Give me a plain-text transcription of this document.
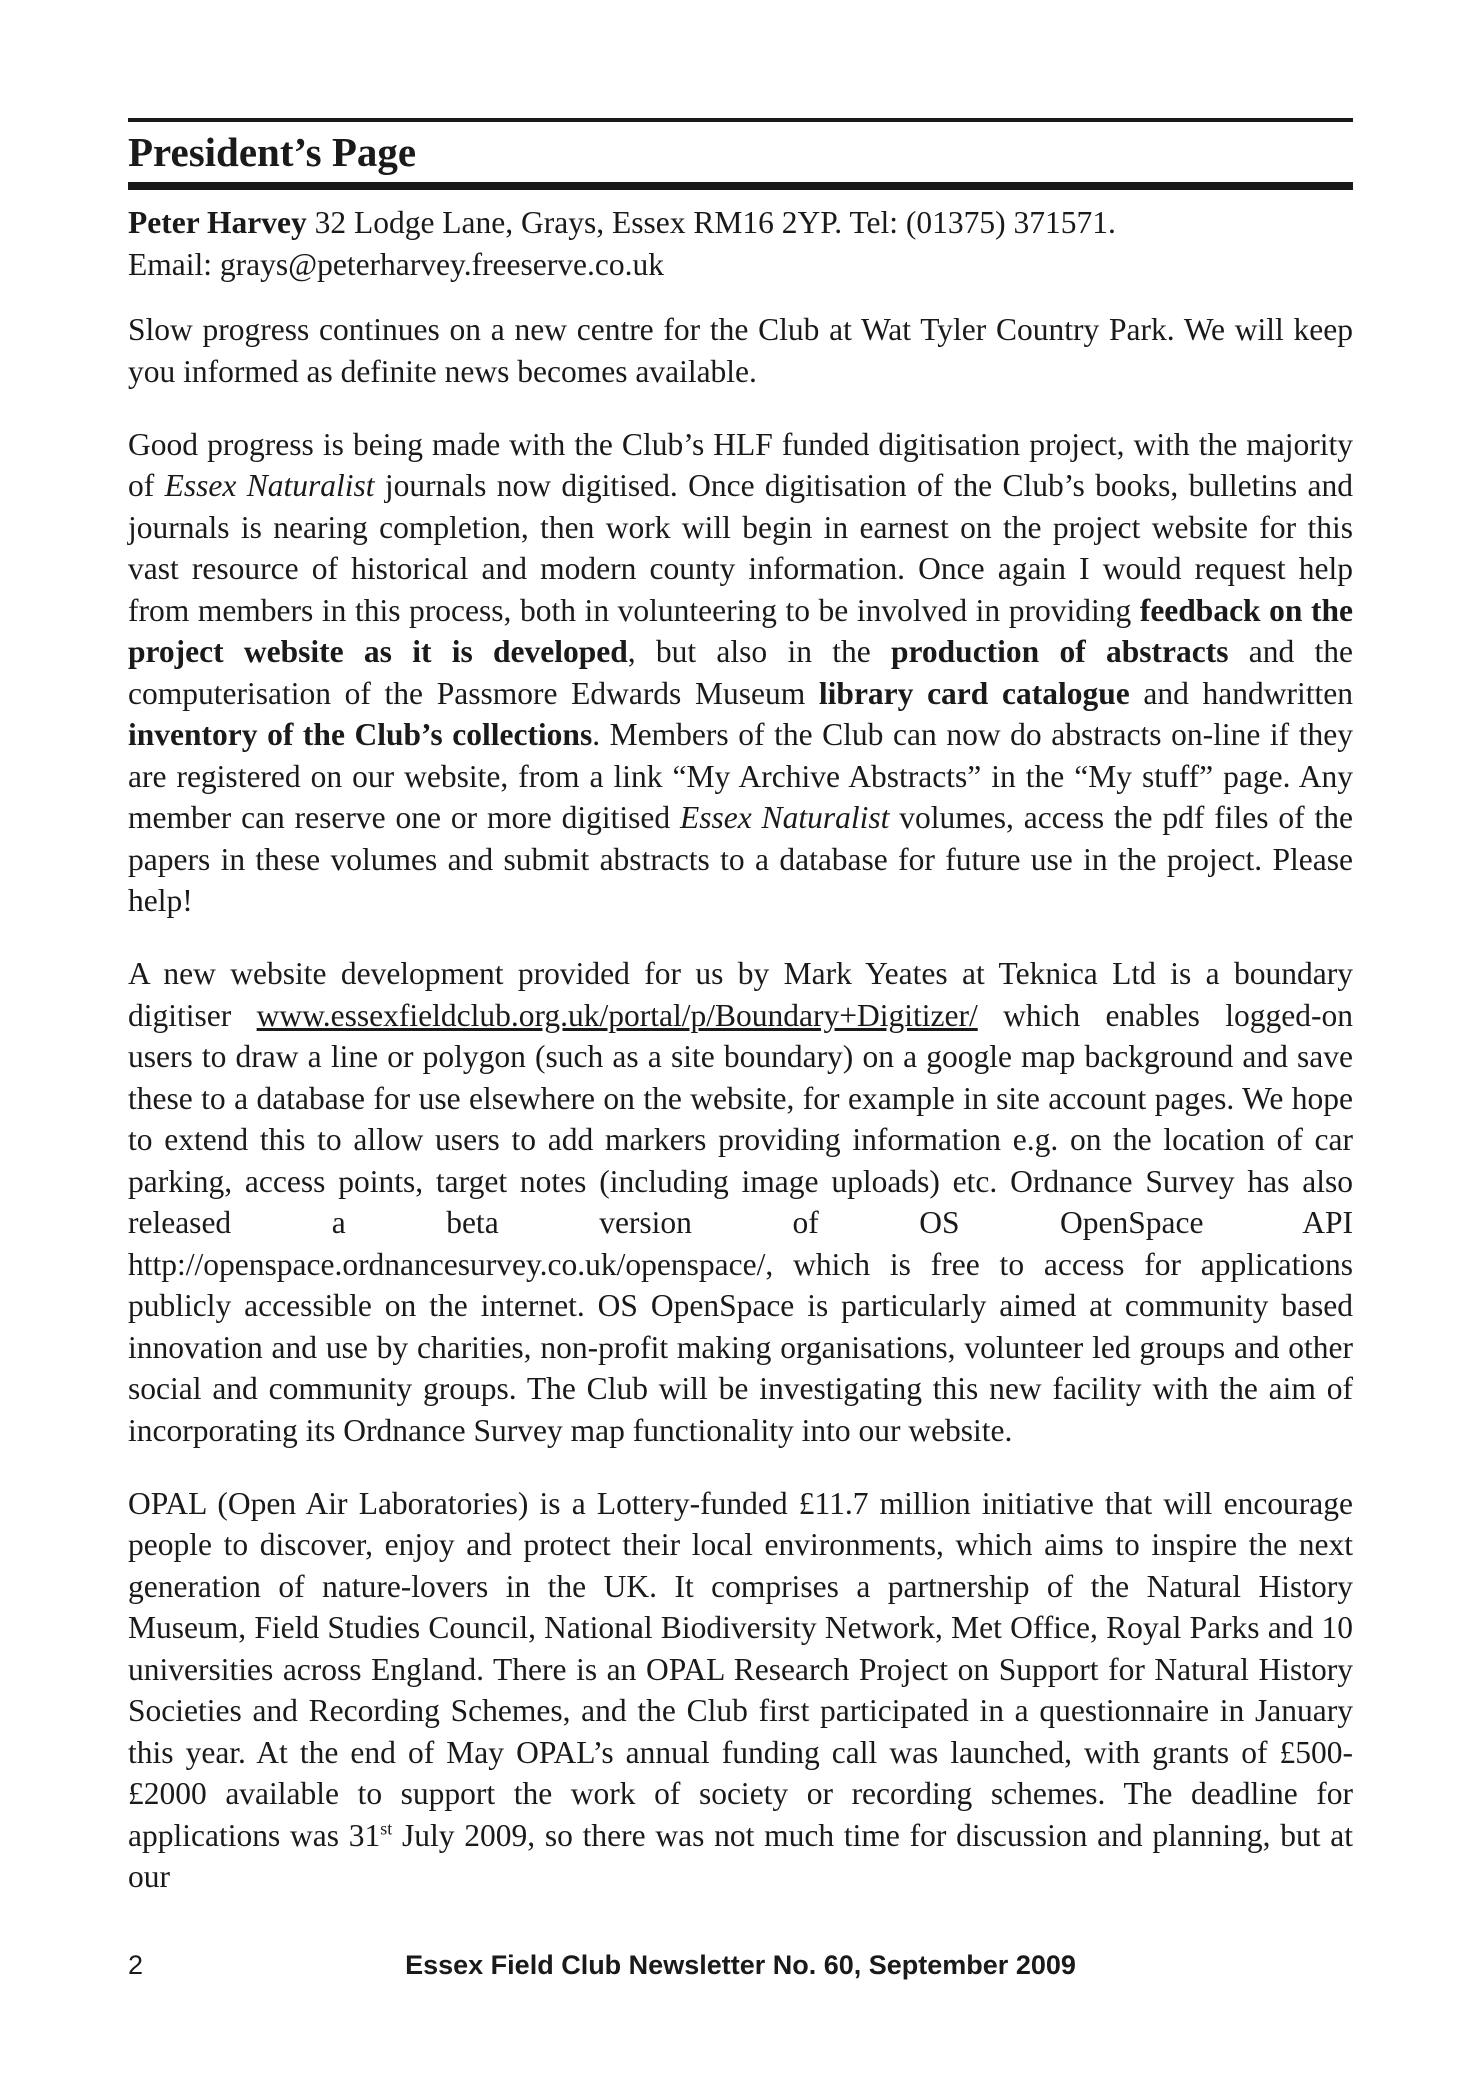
President’s Page
Peter Harvey 32 Lodge Lane, Grays, Essex RM16 2YP. Tel: (01375) 371571.
Email: grays@peterharvey.freeserve.co.uk

Slow progress continues on a new centre for the Club at Wat Tyler Country Park. We will keep you informed as definite news becomes available.

Good progress is being made with the Club’s HLF funded digitisation project, with the majority of Essex Naturalist journals now digitised. Once digitisation of the Club’s books, bulletins and journals is nearing completion, then work will begin in earnest on the project website for this vast resource of historical and modern county information. Once again I would request help from members in this process, both in volunteering to be involved in providing feedback on the project website as it is developed, but also in the production of abstracts and the computerisation of the Passmore Edwards Museum library card catalogue and handwritten inventory of the Club’s collections. Members of the Club can now do abstracts on-line if they are registered on our website, from a link “My Archive Abstracts” in the “My stuff” page. Any member can reserve one or more digitised Essex Naturalist volumes, access the pdf files of the papers in these volumes and submit abstracts to a database for future use in the project. Please help!

A new website development provided for us by Mark Yeates at Teknica Ltd is a boundary digitiser www.essexfieldclub.org.uk/portal/p/Boundary+Digitizer/ which enables logged-on users to draw a line or polygon (such as a site boundary) on a google map background and save these to a database for use elsewhere on the website, for example in site account pages. We hope to extend this to allow users to add markers providing information e.g. on the location of car parking, access points, target notes (including image uploads) etc. Ordnance Survey has also released a beta version of OS OpenSpace API http://openspace.ordnancesurvey.co.uk/openspace/, which is free to access for applications publicly accessible on the internet. OS OpenSpace is particularly aimed at community based innovation and use by charities, non-profit making organisations, volunteer led groups and other social and community groups. The Club will be investigating this new facility with the aim of incorporating its Ordnance Survey map functionality into our website.

OPAL (Open Air Laboratories) is a Lottery-funded £11.7 million initiative that will encourage people to discover, enjoy and protect their local environments, which aims to inspire the next generation of nature-lovers in the UK. It comprises a partnership of the Natural History Museum, Field Studies Council, National Biodiversity Network, Met Office, Royal Parks and 10 universities across England. There is an OPAL Research Project on Support for Natural History Societies and Recording Schemes, and the Club first participated in a questionnaire in January this year. At the end of May OPAL’s annual funding call was launched, with grants of £500-£2000 available to support the work of society or recording schemes. The deadline for applications was 31st July 2009, so there was not much time for discussion and planning, but at our

2	Essex Field Club Newsletter No. 60, September 2009
